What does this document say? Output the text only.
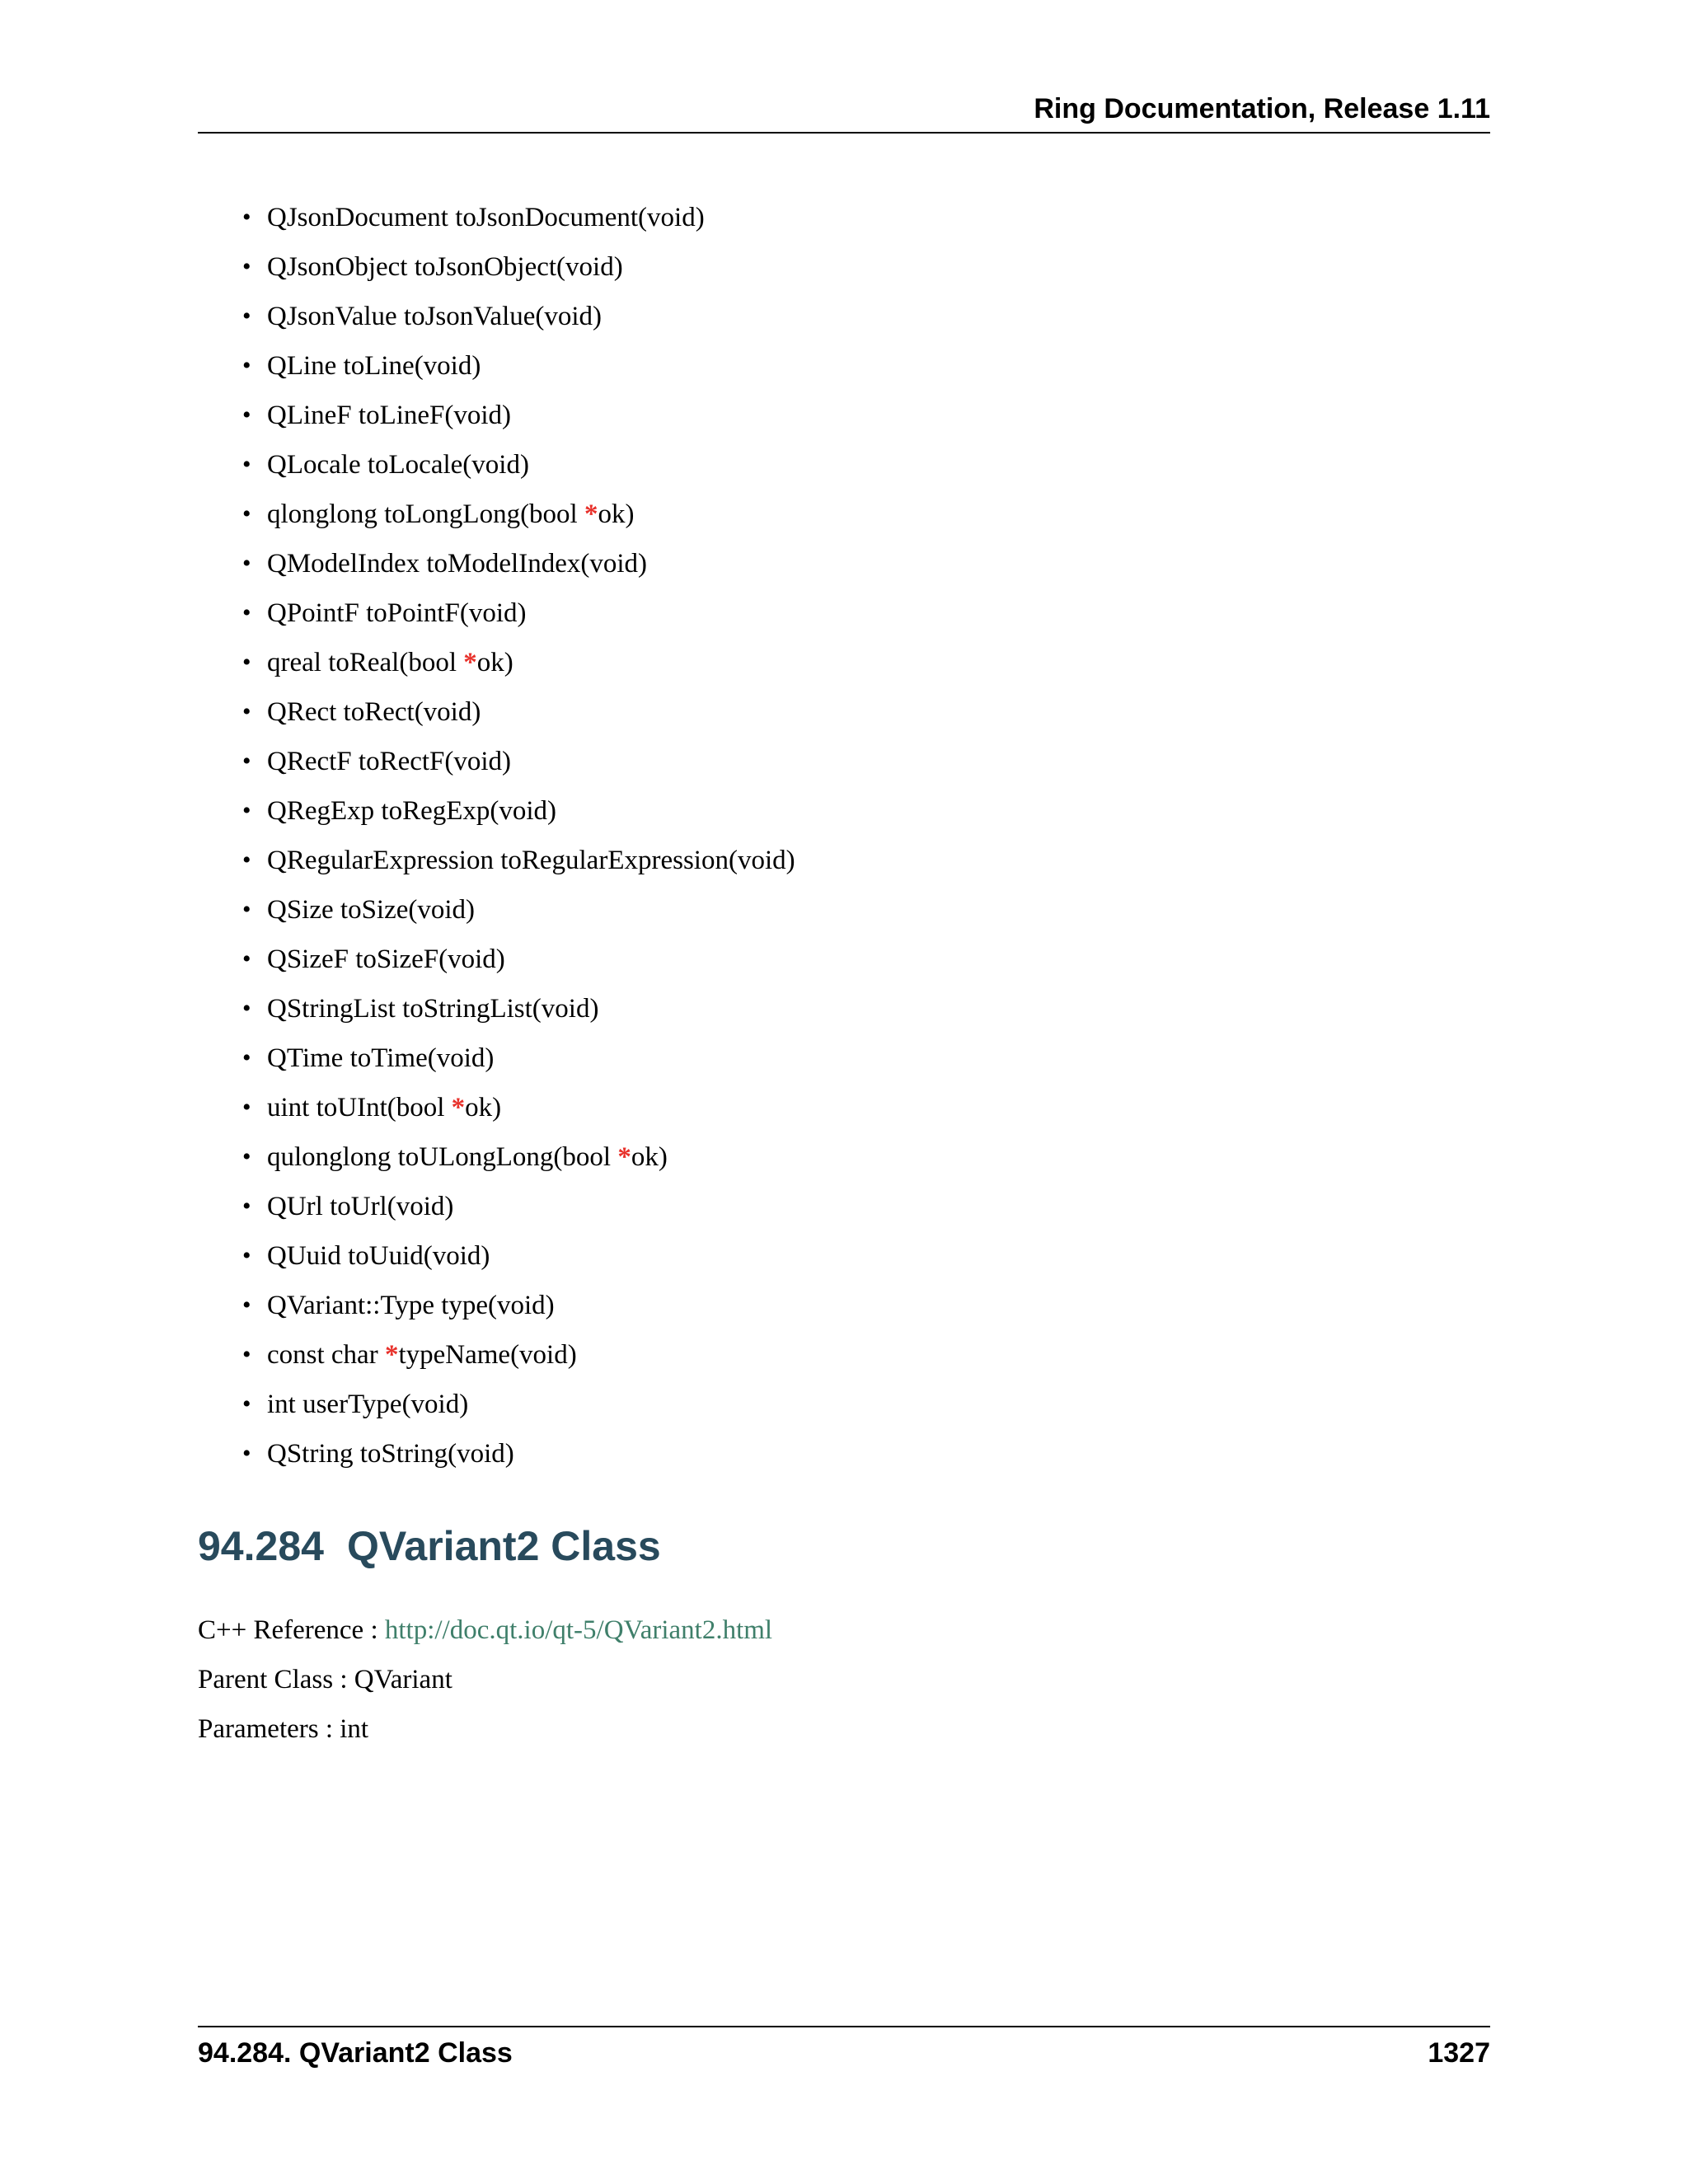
Ring Documentation, Release 1.11
• QJsonDocument toJsonDocument(void)
• QJsonObject toJsonObject(void)
• QJsonValue toJsonValue(void)
• QLine toLine(void)
• QLineF toLineF(void)
• QLocale toLocale(void)
• qlonglong toLongLong(bool *ok)
• QModelIndex toModelIndex(void)
• QPointF toPointF(void)
• qreal toReal(bool *ok)
• QRect toRect(void)
• QRectF toRectF(void)
• QRegExp toRegExp(void)
• QRegularExpression toRegularExpression(void)
• QSize toSize(void)
• QSizeF toSizeF(void)
• QStringList toStringList(void)
• QTime toTime(void)
• uint toUInt(bool *ok)
• qulonglong toULongLong(bool *ok)
• QUrl toUrl(void)
• QUuid toUuid(void)
• QVariant::Type type(void)
• const char *typeName(void)
• int userType(void)
• QString toString(void)
94.284 QVariant2 Class
C++ Reference : http://doc.qt.io/qt-5/QVariant2.html
Parent Class : QVariant
Parameters : int
94.284. QVariant2 Class	1327
